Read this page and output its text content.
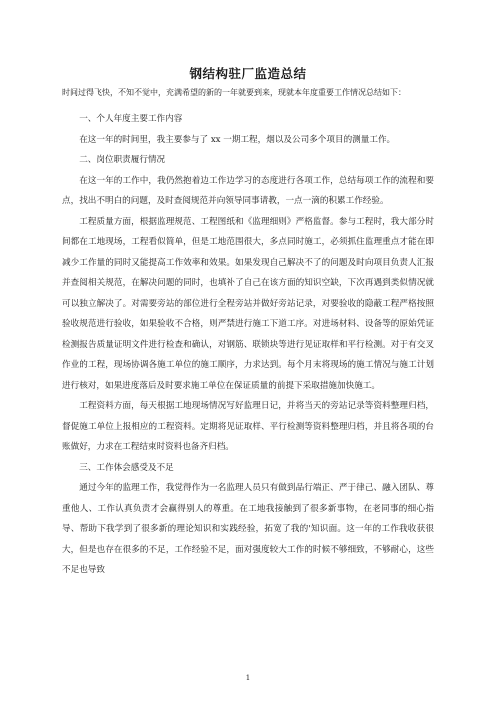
钢结构驻厂监造总结
时间过得飞快，不知不觉中，充满希望的新的一年就要到来，现就本年度重要工作情况总结如下：

一、个人年度主要工作内容

在这一年的时间里，我主要参与了 xx 一期工程，烟以及公司多个项目的测量工作。

二、岗位职责履行情况

在这一年的工作中，我仍然抱着边工作边学习的态度进行各项工作，总结每项工作的流程和要点，找出不明白的问题，及时查阅规范并向领导同事请教，一点一滴的积累工作经验。

工程质量方面，根据监理规范、工程图纸和《监理细则》严格监督。参与工程时，我大部分时间都在工地现场，工程看似简单，但是工地范围很大，多点同时施工，必须抓住监理重点才能在即减少工作量的同时又能提高工作效率和效果。如果发现自己解决不了的问题及时向项目负责人汇报并查阅相关规范，在解决问题的同时，也填补了自己在该方面的知识空缺，下次再遇到类似情况就可以独立解决了。对需要旁站的部位进行全程旁站并做好旁站记录，对要验收的隐蔽工程严格按照验收规范进行验收，如果验收不合格，则严禁进行施工下道工序。对进场材料、设备等的原始凭证检测报告质量证明文件进行检查和确认，对钢筋、联锁块等进行见证取样和平行检测。对于有交叉作业的工程，现场协调各施工单位的施工顺序，力求达到。每个月末将现场的施工情况与施工计划进行核对，如果进度落后及时要求施工单位在保证质量的前提下采取措施加快施工。

工程资料方面，每天根据工地现场情况写好监理日记，并将当天的旁站记录等资料整理归档，督促施工单位上报相应的工程资料。定期将见证取样、平行检测等资料整理归档，并且将各项的台账做好，力求在工程结束时资料也备齐归档。

三、工作体会感受及不足

通过今年的监理工作，我觉得作为一名监理人员只有做到品行端正、严于律己、融入团队、尊重他人、工作认真负责才会赢得别人的尊重。在工地我接触到了很多新事物，在老同事的细心指导、帮助下我学到了很多新的理论知识和实践经验，拓宽了我的'知识面。这一年的工作我收获很大，但是也存在很多的不足，工作经验不足，面对强度较大工作的时候不够细致，不够耐心，这些不足也导致

1
